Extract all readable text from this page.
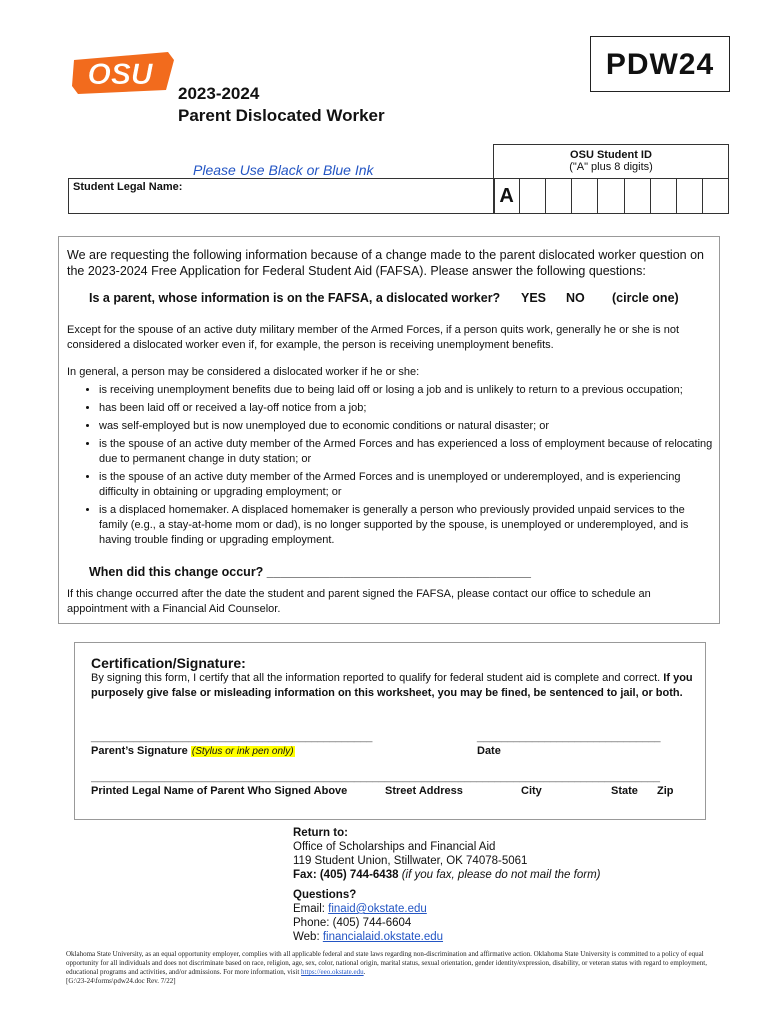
OSU	PDW24
2023-2024
Parent Dislocated Worker
Please Use Black or Blue Ink
Student Legal Name:
OSU Student ID
("A" plus 8 digits)
A
We are requesting the following information because of a change made to the parent dislocated worker question on the 2023-2024 Free Application for Federal Student Aid (FAFSA). Please answer the following questions:
Is a parent, whose information is on the FAFSA, a dislocated worker? YES NO (circle one)
Except for the spouse of an active duty military member of the Armed Forces, if a person quits work, generally he or she is not considered a dislocated worker even if, for example, the person is receiving unemployment benefits.
In general, a person may be considered a dislocated worker if he or she:
• is receiving unemployment benefits due to being laid off or losing a job and is unlikely to return to a previous occupation;
• has been laid off or received a lay-off notice from a job;
• was self-employed but is now unemployed due to economic conditions or natural disaster; or
• is the spouse of an active duty member of the Armed Forces and has experienced a loss of employment because of relocating due to permanent change in duty station; or
• is the spouse of an active duty member of the Armed Forces and is unemployed or underemployed, and is experiencing difficulty in obtaining or upgrading employment; or
• is a displaced homemaker. A displaced homemaker is generally a person who previously provided unpaid services to the family (e.g., a stay-at-home mom or dad), is no longer supported by the spouse, is unemployed or underemployed, and is having trouble finding or upgrading employment.
When did this change occur? ______________________________________
If this change occurred after the date the student and parent signed the FAFSA, please contact our office to schedule an appointment with a Financial Aid Counselor.
Certification/Signature:
By signing this form, I certify that all the information reported to qualify for federal student aid is complete and correct. If you purposely give false or misleading information on this worksheet, you may be fined, be sentenced to jail, or both.
______________________________________________	______________________________
Parent’s Signature (Stylus or ink pen only)	Date
_____________________________________________________________________________________________
Printed Legal Name of Parent Who Signed Above	Street Address	City	State Zip
Return to:
Office of Scholarships and Financial Aid
119 Student Union, Stillwater, OK 74078-5061
Fax: (405) 744-6438 (if you fax, please do not mail the form)
Questions?
Email: finaid@okstate.edu
Phone: (405) 744-6604
Web: financialaid.okstate.edu
Oklahoma State University, as an equal opportunity employer, complies with all applicable federal and state laws regarding non-discrimination and affirmative action. Oklahoma State University is committed to a policy of equal opportunity for all individuals and does not discriminate based on race, religion, age, sex, color, national origin, marital status, sexual orientation, gender identity/expression, disability, or veteran status with regard to employment, educational programs and activities, and/or admissions. For more information, visit https://eeo.okstate.edu.
[G:\23-24\forms\pdw24.doc Rev. 7/22]
